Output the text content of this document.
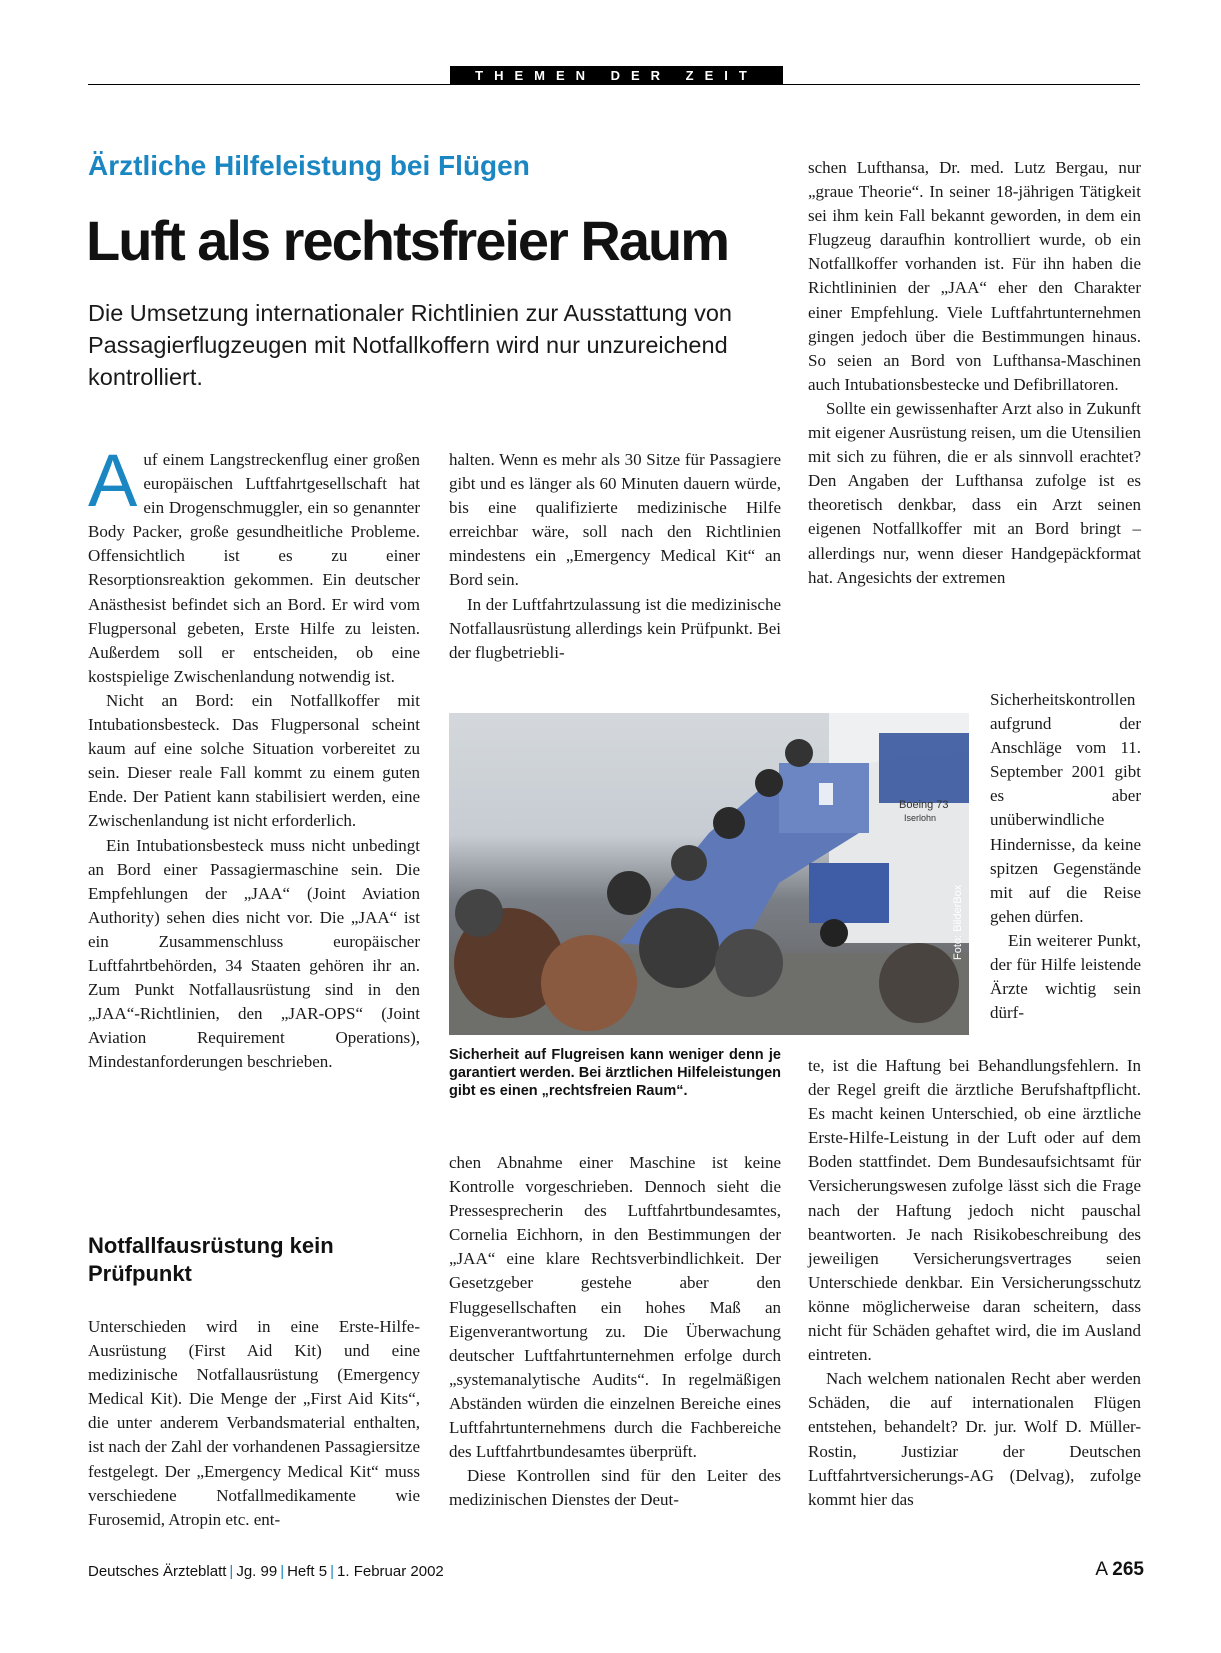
THEMEN DER ZEIT
Ärztliche Hilfeleistung bei Flügen
Luft als rechtsfreier Raum
Die Umsetzung internationaler Richtlinien zur Ausstattung von Passagierflugzeugen mit Notfallkoffern wird nur unzureichend kontrolliert.

Auf einem Langstreckenflug einer großen europäischen Luftfahrtgesellschaft hat ein Drogenschmuggler, ein so genannter Body Packer, große gesundheitliche Probleme. Offensichtlich ist es zu einer Resorptionsreaktion gekommen. Ein deutscher Anästhesist befindet sich an Bord. Er wird vom Flugpersonal gebeten, Erste Hilfe zu leisten. Außerdem soll er entscheiden, ob eine kostspielige Zwischenlandung notwendig ist.

Nicht an Bord: ein Notfallkoffer mit Intubationsbesteck. Das Flugpersonal scheint kaum auf eine solche Situation vorbereitet zu sein. Dieser reale Fall kommt zu einem guten Ende. Der Patient kann stabilisiert werden, eine Zwischenlandung ist nicht erforderlich.

Ein Intubationsbesteck muss nicht unbedingt an Bord einer Passagiermaschine sein. Die Empfehlungen der „JAA“ (Joint Aviation Authority) sehen dies nicht vor. Die „JAA“ ist ein Zusammenschluss europäischer Luftfahrtbehörden, 34 Staaten gehören ihr an. Zum Punkt Notfallausrüstung sind in den „JAA“-Richtlinien, den „JAR-OPS“ (Joint Aviation Requirement Operations), Mindestanforderungen beschrieben.

Notfallfausrüstung kein Prüfpunkt

Unterschieden wird in eine Erste-Hilfe-Ausrüstung (First Aid Kit) und eine medizinische Notfallausrüstung (Emergency Medical Kit). Die Menge der „First Aid Kits“, die unter anderem Verbandsmaterial enthalten, ist nach der Zahl der vorhandenen Passagiersitze festgelegt. Der „Emergency Medical Kit“ muss verschiedene Notfallmedikamente wie Furosemid, Atropin etc. ent-

halten. Wenn es mehr als 30 Sitze für Passagiere gibt und es länger als 60 Minuten dauern würde, bis eine qualifizierte medizinische Hilfe erreichbar wäre, soll nach den Richtlinien mindestens ein „Emergency Medical Kit“ an Bord sein.

In der Luftfahrtzulassung ist die medizinische Notfallausrüstung allerdings kein Prüfpunkt. Bei der flugbetriebli-

Boeing 73
Iserlohn
Foto: BilderBox
Sicherheit auf Flugreisen kann weniger denn je garantiert werden. Bei ärztlichen Hilfeleistungen gibt es einen „rechtsfreien Raum“.

chen Abnahme einer Maschine ist keine Kontrolle vorgeschrieben. Dennoch sieht die Pressesprecherin des Luftfahrtbundesamtes, Cornelia Eichhorn, in den Bestimmungen der „JAA“ eine klare Rechtsverbindlichkeit. Der Gesetzgeber gestehe aber den Fluggesellschaften ein hohes Maß an Eigenverantwortung zu. Die Überwachung deutscher Luftfahrtunternehmen erfolge durch „systemanalytische Audits“. In regelmäßigen Abständen würden die einzelnen Bereiche eines Luftfahrtunternehmens durch die Fachbereiche des Luftfahrtbundesamtes überprüft.

Diese Kontrollen sind für den Leiter des medizinischen Dienstes der Deut-

schen Lufthansa, Dr. med. Lutz Bergau, nur „graue Theorie“. In seiner 18-jährigen Tätigkeit sei ihm kein Fall bekannt geworden, in dem ein Flugzeug daraufhin kontrolliert wurde, ob ein Notfallkoffer vorhanden ist. Für ihn haben die Richtlininien der „JAA“ eher den Charakter einer Empfehlung. Viele Luftfahrtunternehmen gingen jedoch über die Bestimmungen hinaus. So seien an Bord von Lufthansa-Maschinen auch Intubationsbestecke und Defibrillatoren.

Sollte ein gewissenhafter Arzt also in Zukunft mit eigener Ausrüstung reisen, um die Utensilien mit sich zu führen, die er als sinnvoll erachtet? Den Angaben der Lufthansa zufolge ist es theoretisch denkbar, dass ein Arzt seinen eigenen Notfallkoffer mit an Bord bringt – allerdings nur, wenn dieser Handgepäckformat hat. Angesichts der extremen

Sicherheitskontrollen aufgrund der Anschläge vom 11. September 2001 gibt es aber unüberwindliche Hindernisse, da keine spitzen Gegenstände mit auf die Reise gehen dürfen.

Ein weiterer Punkt, der für Hilfe leistende Ärzte wichtig sein dürf-

te, ist die Haftung bei Behandlungsfehlern. In der Regel greift die ärztliche Berufshaftpflicht. Es macht keinen Unterschied, ob eine ärztliche Erste-Hilfe-Leistung in der Luft oder auf dem Boden stattfindet. Dem Bundesaufsichtsamt für Versicherungswesen zufolge lässt sich die Frage nach der Haftung jedoch nicht pauschal beantworten. Je nach Risikobeschreibung des jeweiligen Versicherungsvertrages seien Unterschiede denkbar. Ein Versicherungsschutz könne möglicherweise daran scheitern, dass nicht für Schäden gehaftet wird, die im Ausland eintreten.

Nach welchem nationalen Recht aber werden Schäden, die auf internationalen Flügen entstehen, behandelt? Dr. jur. Wolf D. Müller-Rostin, Justiziar der Deutschen Luftfahrtversicherungs-AG (Delvag), zufolge kommt hier das

Deutsches Ärzteblatt | Jg. 99 | Heft 5 | 1. Februar 2002	A 265
